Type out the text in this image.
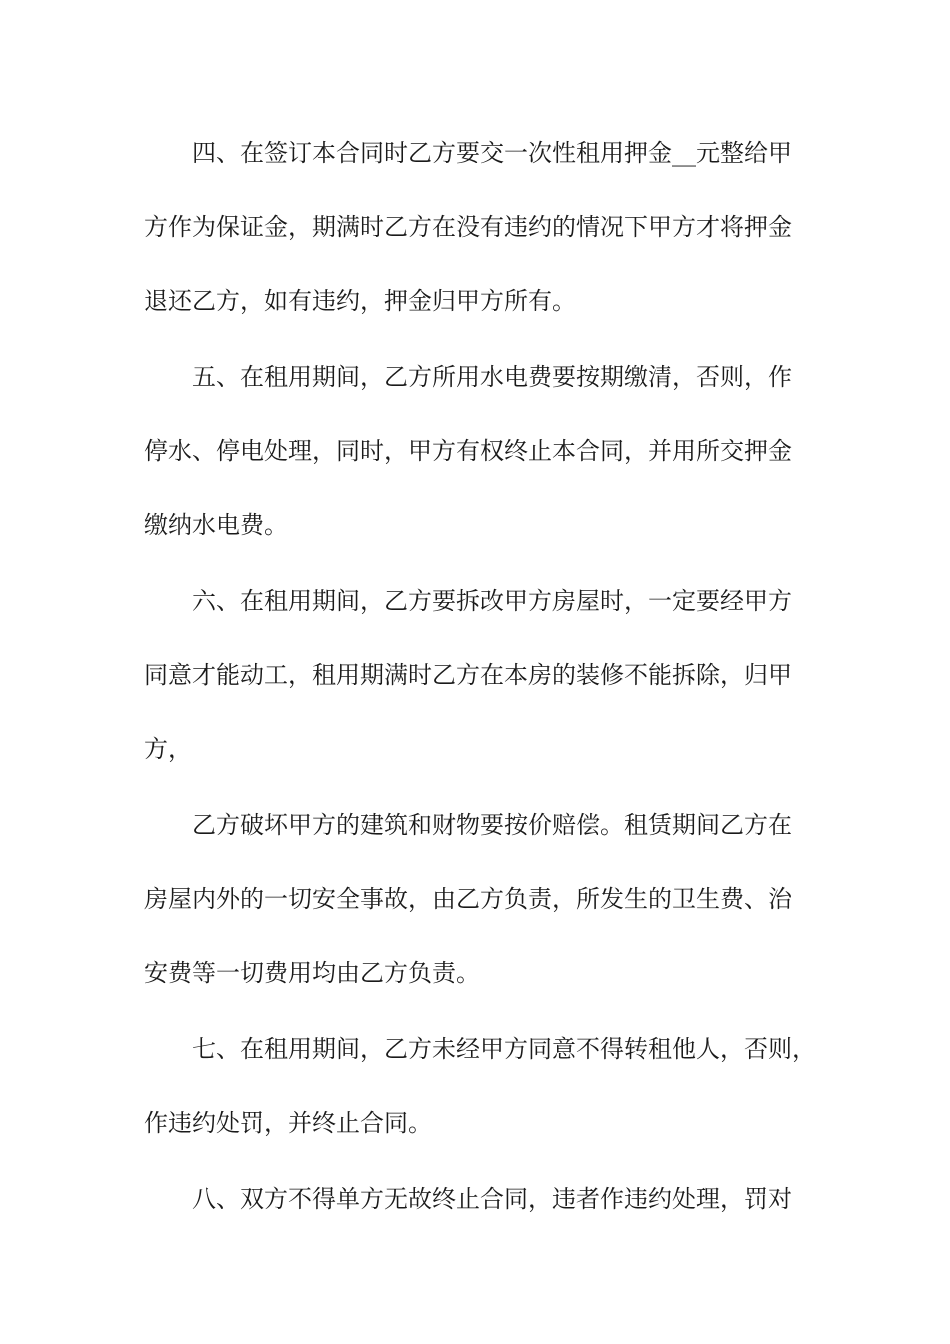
四、在签订本合同时乙方要交一次性租用押金__元整给甲
方作为保证金，期满时乙方在没有违约的情况下甲方才将押金
退还乙方，如有违约，押金归甲方所有。
五、在租用期间，乙方所用水电费要按期缴清，否则，作
停水、停电处理，同时，甲方有权终止本合同，并用所交押金
缴纳水电费。
六、在租用期间，乙方要拆改甲方房屋时，一定要经甲方
同意才能动工，租用期满时乙方在本房的装修不能拆除，归甲
方，
乙方破坏甲方的建筑和财物要按价赔偿。租赁期间乙方在
房屋内外的一切安全事故，由乙方负责，所发生的卫生费、治
安费等一切费用均由乙方负责。
七、在租用期间，乙方未经甲方同意不得转租他人，否则，
作违约处罚，并终止合同。
八、双方不得单方无故终止合同，违者作违约处理，罚对
